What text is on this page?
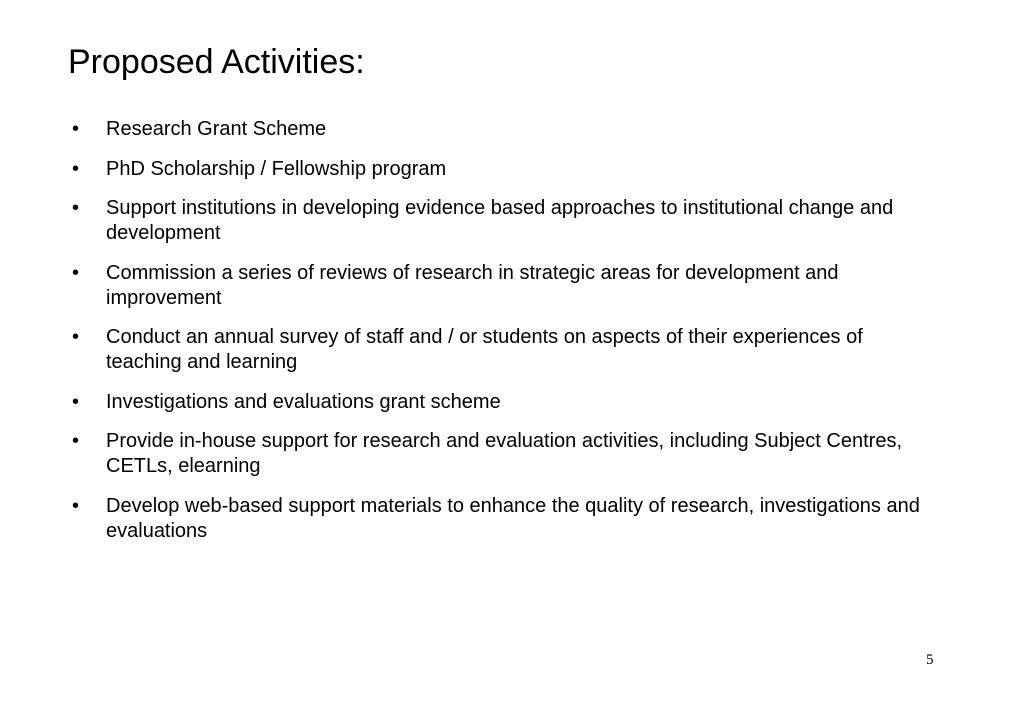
Proposed Activities:
• Research Grant Scheme
• PhD Scholarship / Fellowship program
• Support institutions in developing evidence based approaches to institutional change and development
• Commission a series of reviews of research in strategic areas for development and improvement
• Conduct an annual survey of staff and / or students on aspects of their experiences of teaching and learning
• Investigations and evaluations grant scheme
• Provide in-house support for research and evaluation activities, including Subject Centres, CETLs, elearning
• Develop web-based support materials to enhance the quality of research, investigations and evaluations
5
